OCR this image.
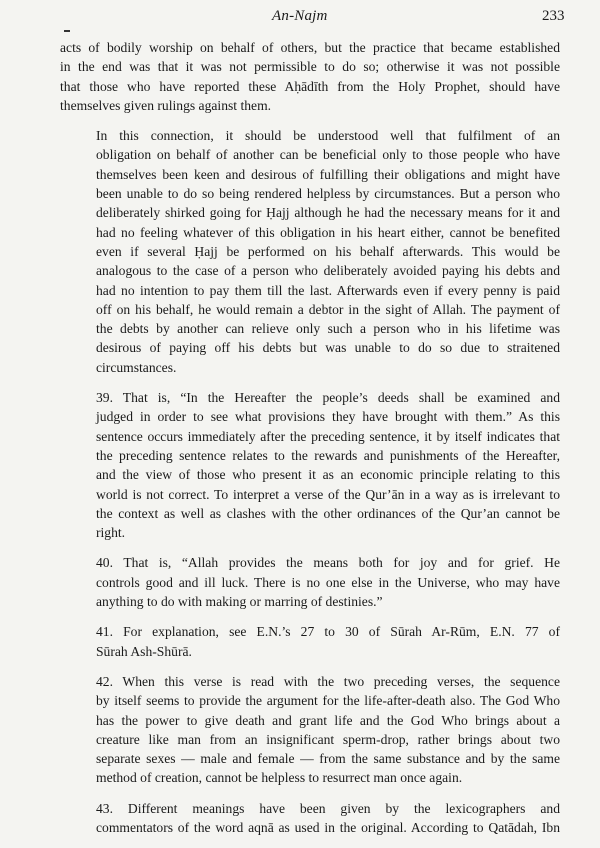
An-Najm	233

acts of bodily worship on behalf of others, but the practice that became established
in the end was that it was not permissible to do so; otherwise it was not possible
that those who have reported these Aḥādīth from the Holy Prophet, should have
themselves given rulings against them.

In this connection, it should be understood well that fulfilment of an
obligation on behalf of another can be beneficial only to those people who have
themselves been keen and desirous of fulfilling their obligations and might have
been unable to do so being rendered helpless by circumstances. But a person who
deliberately shirked going for Ḥajj although he had the necessary means for it and
had no feeling whatever of this obligation in his heart either, cannot be benefited
even if several Ḥajj be performed on his behalf afterwards. This would be
analogous to the case of a person who deliberately avoided paying his debts and
had no intention to pay them till the last. Afterwards even if every penny is paid
off on his behalf, he would remain a debtor in the sight of Allah. The payment of
the debts by another can relieve only such a person who in his lifetime was
desirous of paying off his debts but was unable to do so due to straitened
circumstances.

39. That is, “In the Hereafter the people’s deeds shall be examined and
judged in order to see what provisions they have brought with them.” As this
sentence occurs immediately after the preceding sentence, it by itself indicates that
the preceding sentence relates to the rewards and punishments of the Hereafter,
and the view of those who present it as an economic principle relating to this
world is not correct. To interpret a verse of the Qur’ān in a way as is irrelevant to
the context as well as clashes with the other ordinances of the Qur’an cannot be
right.

40. That is, “Allah provides the means both for joy and for grief. He
controls good and ill luck. There is no one else in the Universe, who may have
anything to do with making or marring of destinies.”

41. For explanation, see E.N.’s 27 to 30 of Sūrah Ar-Rūm, E.N. 77 of
Sūrah Ash-Shūrā.

42. When this verse is read with the two preceding verses, the sequence
by itself seems to provide the argument for the life-after-death also. The God Who
has the power to give death and grant life and the God Who brings about a
creature like man from an insignificant sperm-drop, rather brings about two
separate sexes — male and female — from the same substance and by the same
method of creation, cannot be helpless to resurrect man once again.

43. Different meanings have been given by the lexicographers and
commentators of the word aqnā as used in the original. According to Qatādah, Ibn
